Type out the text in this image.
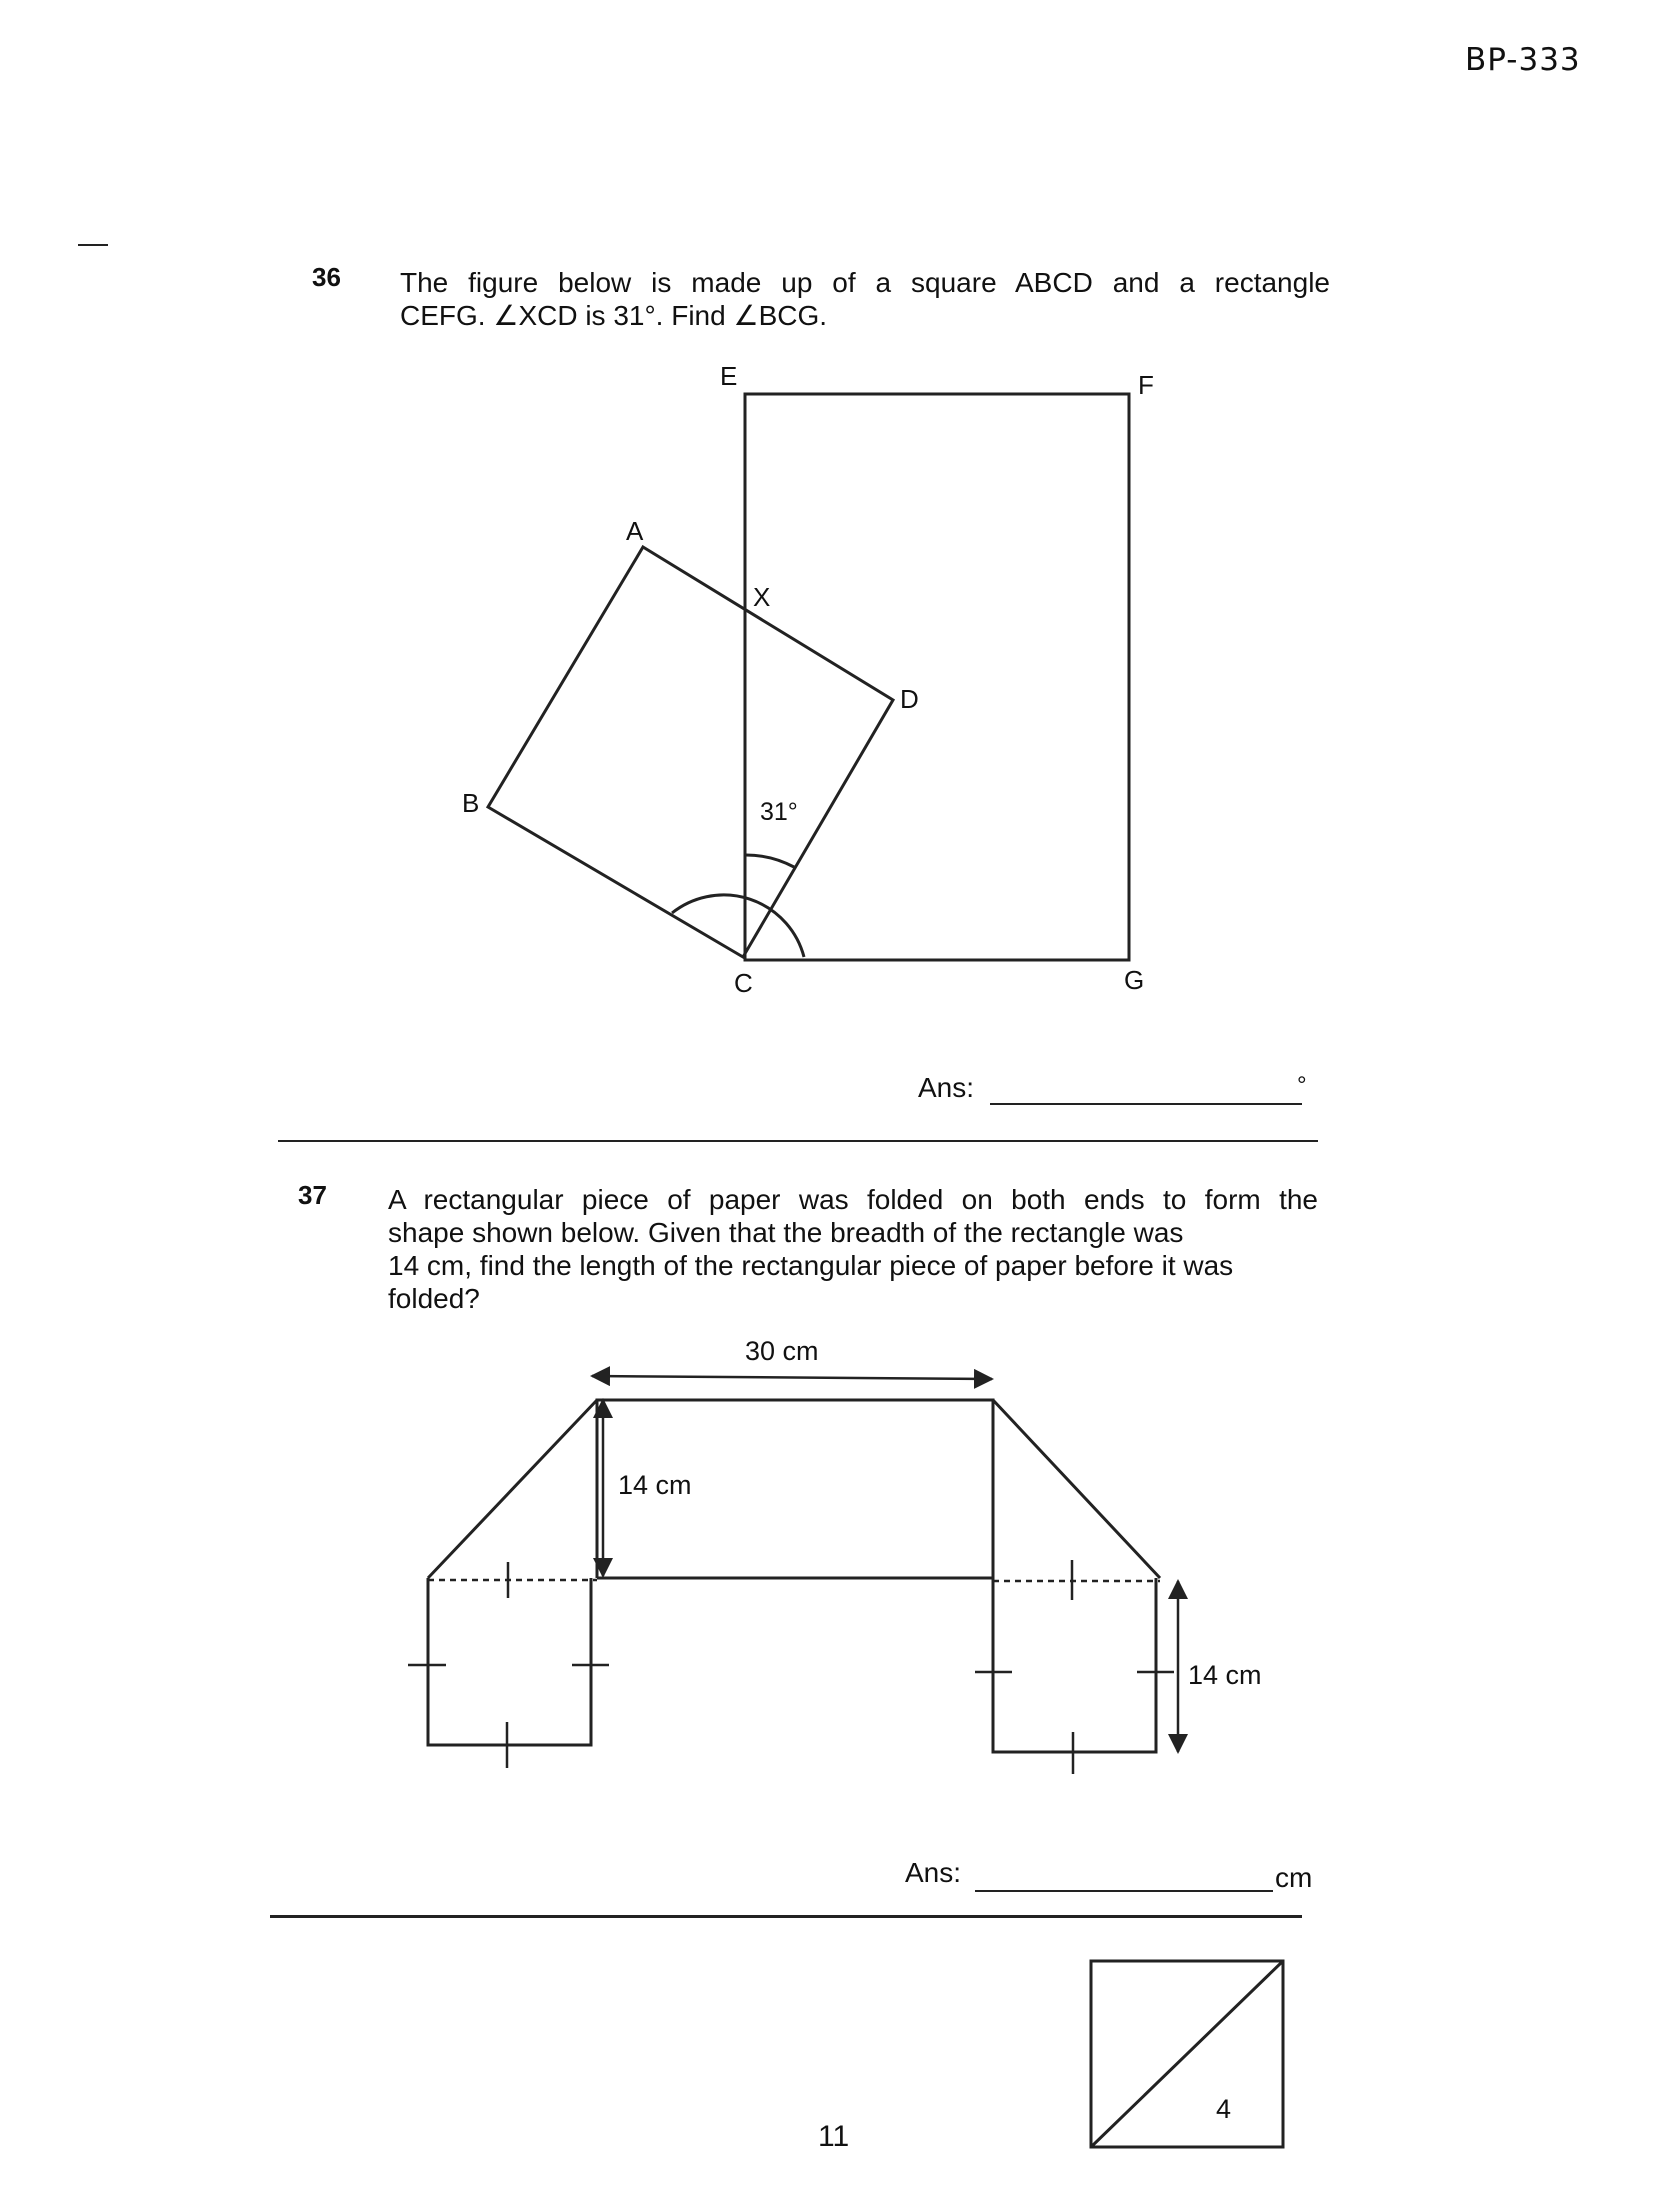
BP-333
36 The figure below is made up of a square ABCD and a rectangle
CEFG. ∠XCD is 31°. Find ∠BCG.
E	F
A
X
D
B
C	G
31°
Ans:	°
37 A rectangular piece of paper was folded on both ends to form the
shape shown below. Given that the breadth of the rectangle was
14 cm, find the length of the rectangular piece of paper before it was
folded?
30 cm
14 cm
14 cm
Ans:	cm
4
11
